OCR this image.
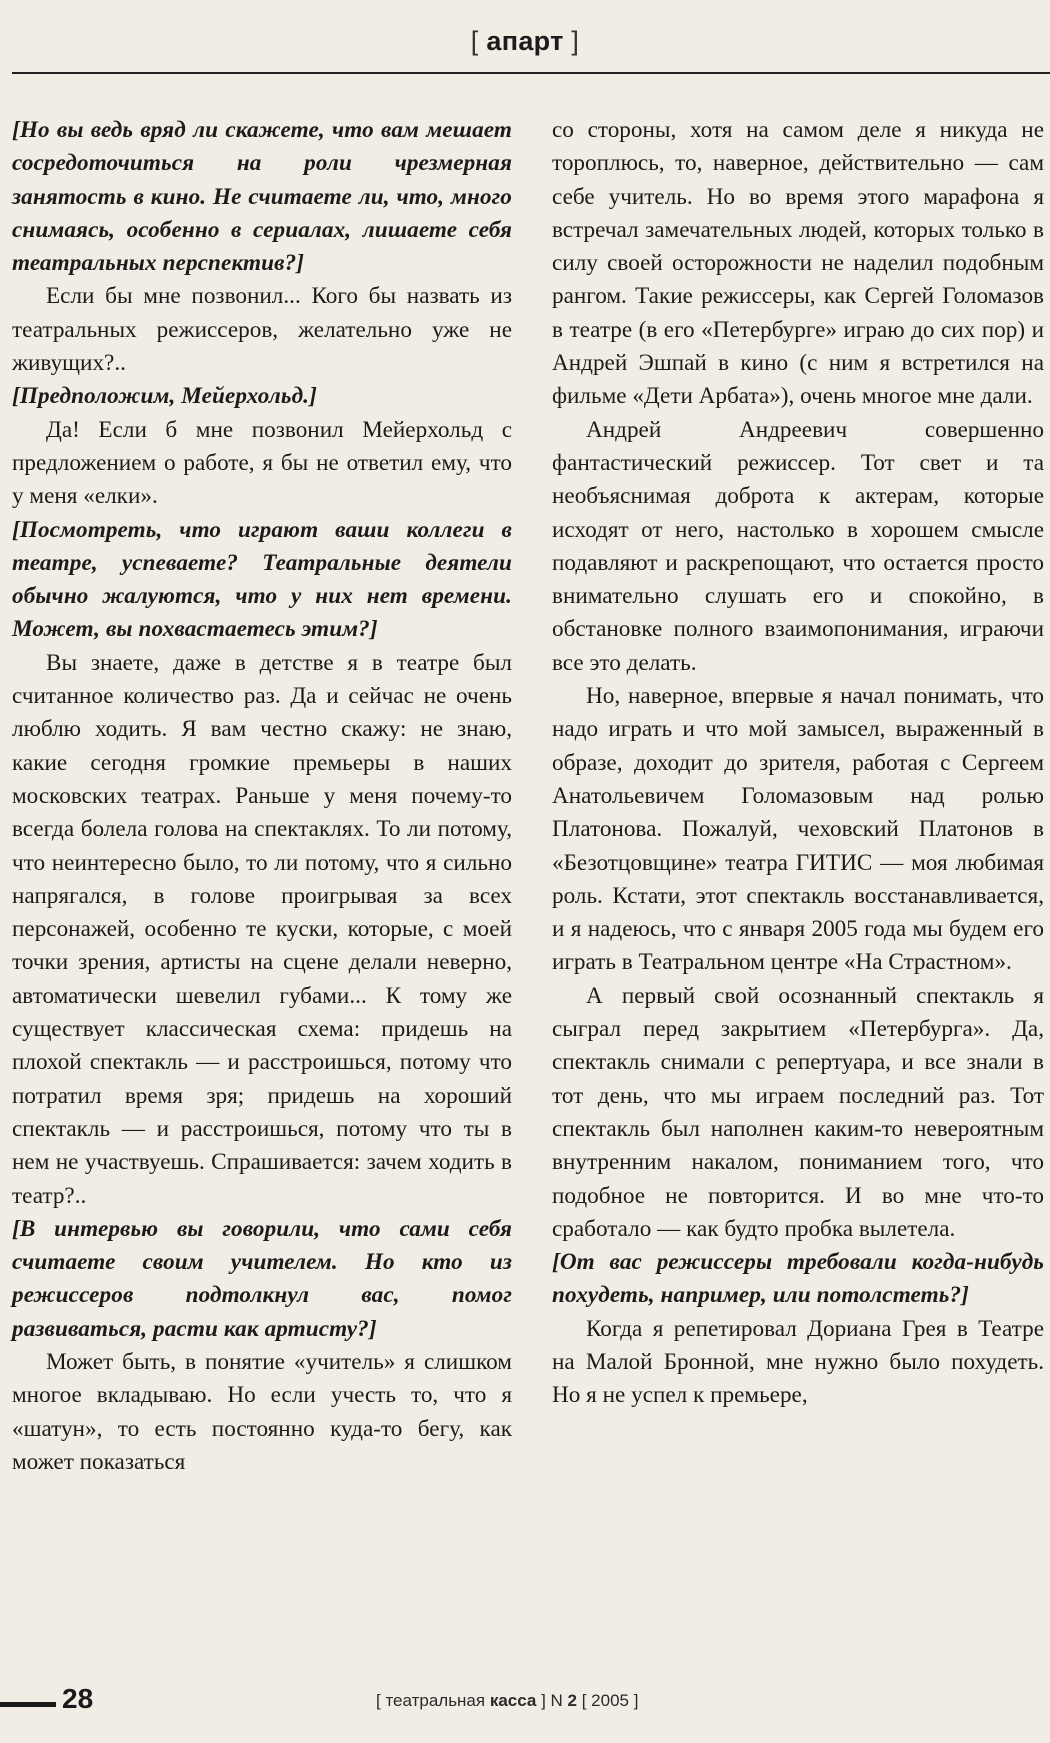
[ апарт ]

[Но вы ведь вряд ли скажете, что вам мешает сосредоточиться на роли чрезмерная занятость в кино. Не считаете ли, что, много снимаясь, особенно в сериалах, лишаете себя театральных перспектив?]

Если бы мне позвонил... Кого бы назвать из театральных режиссеров, желательно уже не живущих?..

[Предположим, Мейерхольд.]

Да! Если б мне позвонил Мейерхольд с предложением о работе, я бы не ответил ему, что у меня «елки».

[Посмотреть, что играют ваши коллеги в театре, успеваете? Театральные деятели обычно жалуются, что у них нет времени. Может, вы похвастаетесь этим?]

Вы знаете, даже в детстве я в театре был считанное количество раз. Да и сейчас не очень люблю ходить. Я вам честно скажу: не знаю, какие сегодня громкие премьеры в наших московских театрах. Раньше у меня почему-то всегда болела голова на спектаклях. То ли потому, что неинтересно было, то ли потому, что я сильно напрягался, в голове проигрывая за всех персонажей, особенно те куски, которые, с моей точки зрения, артисты на сцене делали неверно, автоматически шевелил губами... К тому же существует классическая схема: придешь на плохой спектакль — и расстроишься, потому что потратил время зря; придешь на хороший спектакль — и расстроишься, потому что ты в нем не участвуешь. Спрашивается: зачем ходить в театр?..

[В интервью вы говорили, что сами себя считаете своим учителем. Но кто из режиссеров подтолкнул вас, помог развиваться, расти как артисту?]

Может быть, в понятие «учитель» я слишком многое вкладываю. Но если учесть то, что я «шатун», то есть постоянно куда-то бегу, как может показаться

со стороны, хотя на самом деле я никуда не тороплюсь, то, наверное, действительно — сам себе учитель. Но во время этого марафона я встречал замечательных людей, которых только в силу своей осторожности не наделил подобным рангом. Такие режиссеры, как Сергей Голомазов в театре (в его «Петербурге» играю до сих пор) и Андрей Эшпай в кино (с ним я встретился на фильме «Дети Арбата»), очень многое мне дали.

Андрей Андреевич совершенно фантастический режиссер. Тот свет и та необъяснимая доброта к актерам, которые исходят от него, настолько в хорошем смысле подавляют и раскрепощают, что остается просто внимательно слушать его и спокойно, в обстановке полного взаимопонимания, играючи все это делать.

Но, наверное, впервые я начал понимать, что надо играть и что мой замысел, выраженный в образе, доходит до зрителя, работая с Сергеем Анатольевичем Голомазовым над ролью Платонова. Пожалуй, чеховский Платонов в «Безотцовщине» театра ГИТИС — моя любимая роль. Кстати, этот спектакль восстанавливается, и я надеюсь, что с января 2005 года мы будем его играть в Театральном центре «На Страстном».

А первый свой осознанный спектакль я сыграл перед закрытием «Петербурга». Да, спектакль снимали с репертуара, и все знали в тот день, что мы играем последний раз. Тот спектакль был наполнен каким-то невероятным внутренним накалом, пониманием того, что подобное не повторится. И во мне что-то сработало — как будто пробка вылетела.

[От вас режиссеры требовали когда-нибудь похудеть, например, или потолстеть?]

Когда я репетировал Дориана Грея в Театре на Малой Бронной, мне нужно было похудеть. Но я не успел к премьере,

28	[ театральная касса ] N 2 [ 2005 ]
